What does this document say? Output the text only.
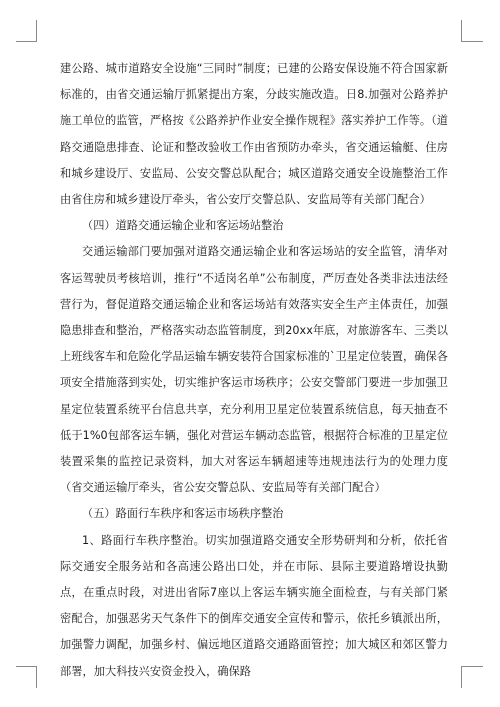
建公路、城市道路安全设施“三同时”制度；已建的公路安保设施不符合国家新标准的，由省交通运输厅抓紧提出方案，分歧实施改造。日8.加强对公路养护施工单位的监管，严格按《公路养护作业安全操作规程》落实养护工作等。（道路交通隐患排查、论证和整改验收工作由省预防办牵头，省交通运输艇、住房和城乡建设厅、安监局、公安交警总队配合；城区道路交通安全设施整治工作由省住房和城乡建设厅牵头，省公安厅交警总队、安监局等有关部门配合）

（四）道路交通运输企业和客运场站整治

交通运输部门要加强对道路交通运输企业和客运场站的安全监管，清华对客运驾驶员考核培训，推行“不适岗名单”公布制度，严厉查处各类非法违法经营行为，督促道路交通运输企业和客运场站有效落实安全生产主体责任，加强隐患排查和整治，严格落实动态监管制度，到20xx年底，对旅游客车、三类以上班线客车和危险化学品运输车辆安装符合国家标准的`卫星定位装置，确保各项安全措施落到实处，切实维护客运市场秩序；公安交警部门要进一步加强卫星定位装置系统平台信息共享，充分利用卫星定位装置系统信息，每天抽查不低于1%0包部客运车辆，强化对营运车辆动态监管，根据符合标准的卫星定位装置采集的监控记录资料，加大对客运车辆超速等违规违法行为的处理力度（省交通运输厅牵头，省公安交警总队、安监局等有关部门配合）

（五）路面行车秩序和客运市场秩序整治

1、路面行车秩序整治。切实加强道路交通安全形势研判和分析，依托省际交通安全服务站和各高速公路出口处，并在市际、县际主要道路增设执勤点，在重点时段，对进出省际7座以上客运车辆实施全面检查，与有关部门紧密配合，加强恶劣天气条件下的倒库交通安全宣传和警示，依托乡镇派出所，加强警力调配，加强乡村、偏远地区道路交通路面管控；加大城区和郊区警力部署，加大科技兴安资金投入，确保路
